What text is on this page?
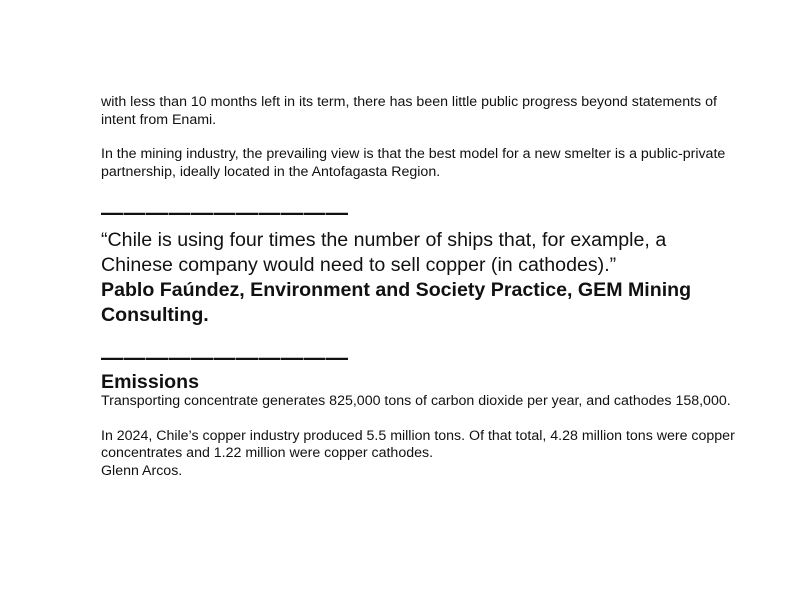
with less than 10 months left in its term, there has been little public progress beyond statements of intent from Enami.

In the mining industry, the prevailing view is that the best model for a new smelter is a public-private partnership, ideally located in the Antofagasta Region.

———————————

“Chile is using four times the number of ships that, for example, a Chinese company would need to sell copper (in cathodes).”

Pablo Faúndez, Environment and Society Practice, GEM Mining Consulting.

———————————
Emissions

Transporting concentrate generates 825,000 tons of carbon dioxide per year, and cathodes 158,000.

In 2024, Chile’s copper industry produced 5.5 million tons. Of that total, 4.28 million tons were copper concentrates and 1.22 million were copper cathodes.

Glenn Arcos.
